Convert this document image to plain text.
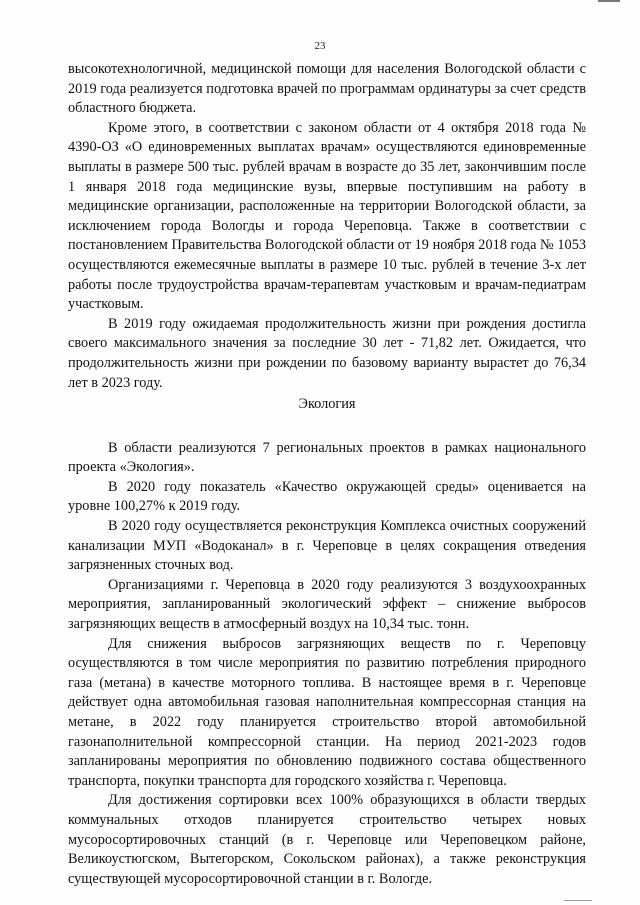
23

высокотехнологичной, медицинской помощи для населения Вологодской области с 2019 года реализуется подготовка врачей по программам ординатуры за счет средств областного бюджета.

Кроме этого, в соответствии с законом области от 4 октября 2018 года № 4390-ОЗ «О единовременных выплатах врачам» осуществляются единовременные выплаты в размере 500 тыс. рублей врачам в возрасте до 35 лет, закончившим после 1 января 2018 года медицинские вузы, впервые поступившим на работу в медицинские организации, расположенные на территории Вологодской области, за исключением города Вологды и города Череповца. Также в соответствии с постановлением Правительства Вологодской области от 19 ноября 2018 года № 1053 осуществляются ежемесячные выплаты в размере 10 тыс. рублей в течение 3-х лет работы после трудоустройства врачам-терапевтам участковым и врачам-педиатрам участковым.

В 2019 году ожидаемая продолжительность жизни при рождения достигла своего максимального значения за последние 30 лет - 71,82 лет. Ожидается, что продолжительность жизни при рождении по базовому варианту вырастет до 76,34 лет в 2023 году.

Экология

В области реализуются 7 региональных проектов в рамках национального проекта «Экология».

В 2020 году показатель «Качество окружающей среды» оценивается на уровне 100,27% к 2019 году.

В 2020 году осуществляется реконструкция Комплекса очистных сооружений канализации МУП «Водоканал» в г. Череповце в целях сокращения отведения загрязненных сточных вод.

Организациями г. Череповца в 2020 году реализуются 3 воздухоохранных мероприятия, запланированный экологический эффект – снижение выбросов загрязняющих веществ в атмосферный воздух на 10,34 тыс. тонн.

Для снижения выбросов загрязняющих веществ по г. Череповцу осуществляются в том числе мероприятия по развитию потребления природного газа (метана) в качестве моторного топлива. В настоящее время в г. Череповце действует одна автомобильная газовая наполнительная компрессорная станция на метане, в 2022 году планируется строительство второй автомобильной газонаполнительной компрессорной станции. На период 2021-2023 годов запланированы мероприятия по обновлению подвижного состава общественного транспорта, покупки транспорта для городского хозяйства г. Череповца.

Для достижения сортировки всех 100% образующихся в области твердых коммунальных отходов планируется строительство четырех новых мусоросортировочных станций (в г. Череповце или Череповецком районе, Великоустюгском, Вытегорском, Сокольском районах), а также реконструкция существующей мусоросортировочной станции в г. Вологде.
